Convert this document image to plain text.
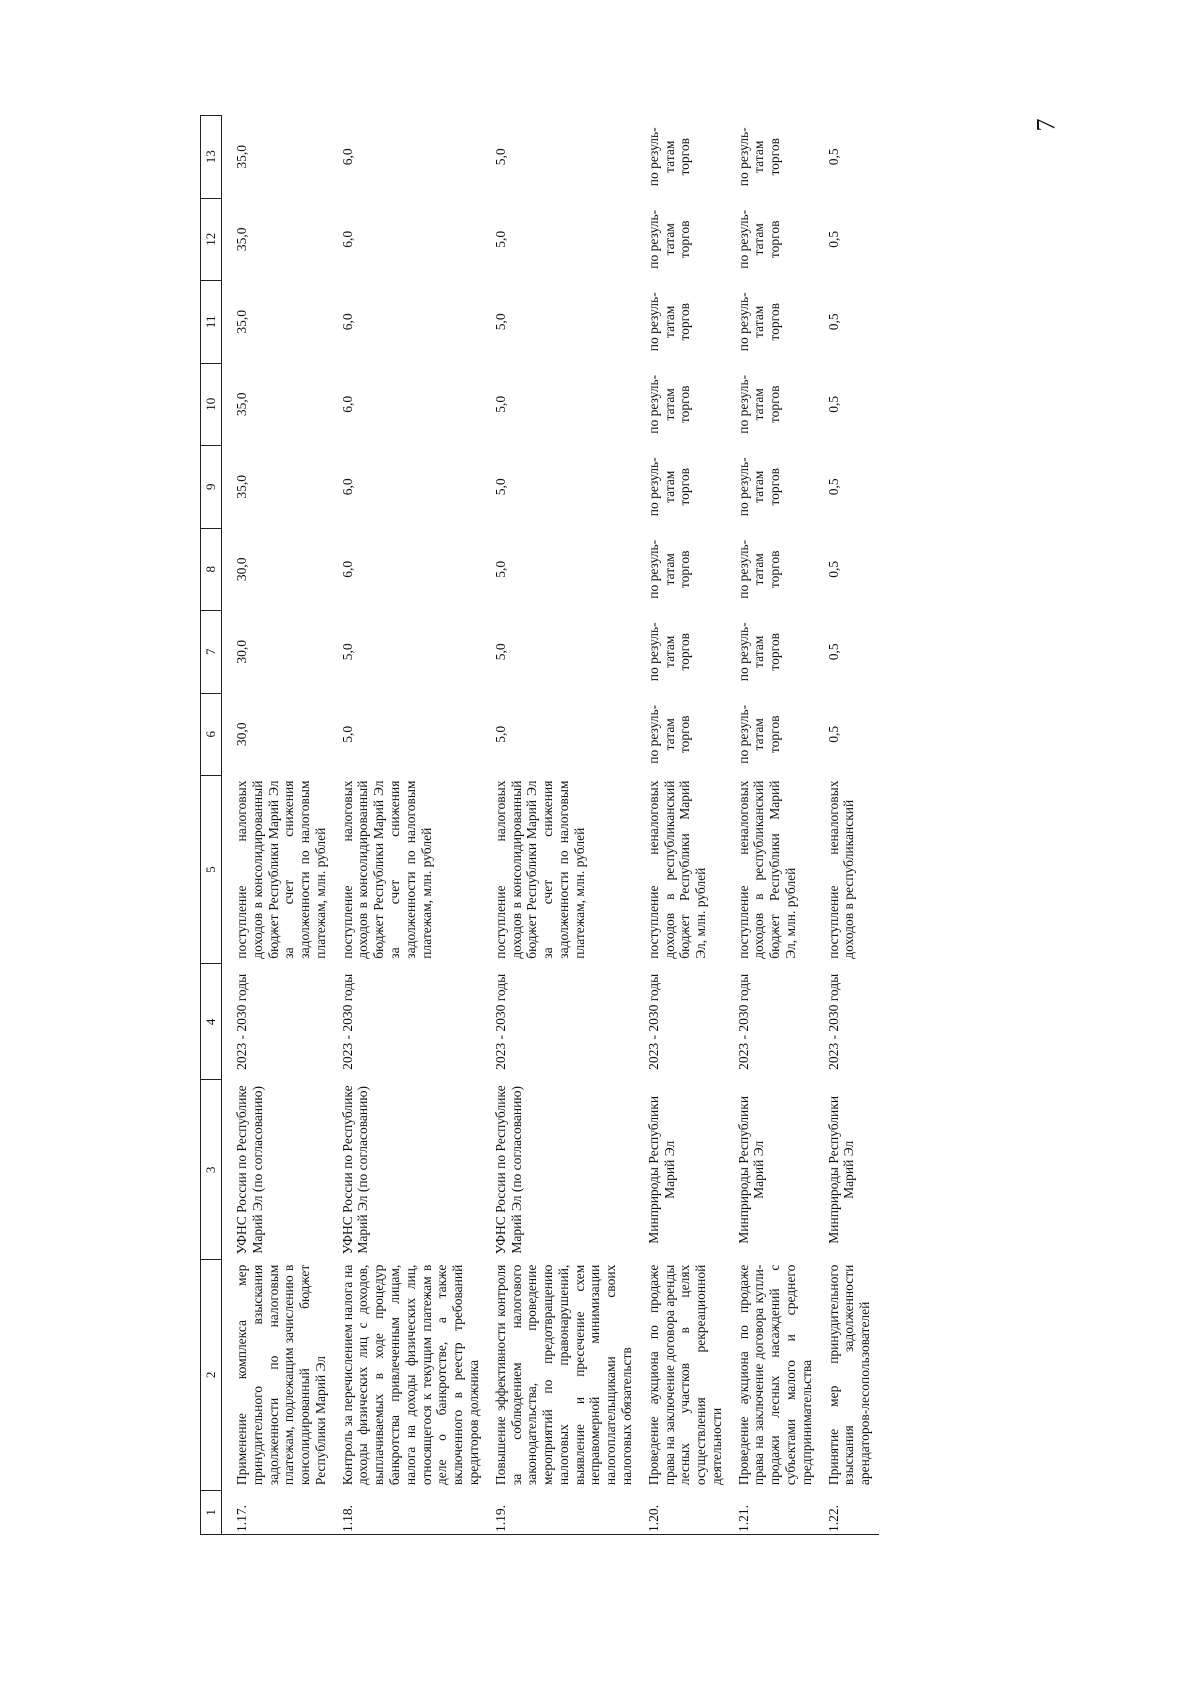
7
1	2	3	4	5	6	7	8	9	10	11	12	13
1.17.	Применение комплекса мер принудительного взыскания задолженности по налоговым платежам, подлежащим зачислению в консолидированный бюджет Республики Марий Эл	УФНС России по Республике Марий Эл (по согласованию)	2023 - 2030 годы	поступление налоговых доходов в консолидированный бюджет Республики Марий Эл за счет снижения задолженности по налоговым платежам, млн. рублей	30,0	30,0	30,0	35,0	35,0	35,0	35,0	35,0
1.18.	Контроль за перечислением налога на доходы физических лиц с доходов, выплачиваемых в ходе процедур банкротства привлеченным лицам, налога на доходы физических лиц, относящегося к текущим платежам в деле о банкротстве, а также включенного в реестр требований кредиторов должника	УФНС России по Республике Марий Эл (по согласованию)	2023 - 2030 годы	поступление налоговых доходов в консолидированный бюджет Республики Марий Эл за счет снижения задолженности по налоговым платежам, млн. рублей	5,0	5,0	6,0	6,0	6,0	6,0	6,0	6,0
1.19.	Повышение эффективности контроля за соблюдением налогового законодательства, проведение мероприятий по предотвращению налоговых правонарушений, выявление и пресечение схем неправомерной минимизации налогоплательщиками своих налоговых обязательств	УФНС России по Республике Марий Эл (по согласованию)	2023 - 2030 годы	поступление налоговых доходов в консолидированный бюджет Республики Марий Эл за счет снижения задолженности по налоговым платежам, млн. рублей	5,0	5,0	5,0	5,0	5,0	5,0	5,0	5,0
1.20.	Проведение аукциона по продаже права на заключение договора аренды лесных участков в целях осуществления рекреационной деятельности	Минприроды Республики Марий Эл	2023 - 2030 годы	поступление неналоговых доходов в республиканский бюджет Республики Марий Эл, млн. рублей	по резуль- татам торгов	по резуль- татам торгов	по резуль- татам торгов	по резуль- татам торгов	по резуль- татам торгов	по резуль- татам торгов	по резуль- татам торгов	по резуль- татам торгов
1.21.	Проведение аукциона по продаже права на заключение договора купли-продажи лесных насаждений с субъектами малого и среднего предпринимательства	Минприроды Республики Марий Эл	2023 - 2030 годы	поступление неналоговых доходов в республиканский бюджет Республики Марий Эл, млн. рублей	по резуль- татам торгов	по резуль- татам торгов	по резуль- татам торгов	по резуль- татам торгов	по резуль- татам торгов	по резуль- татам торгов	по резуль- татам торгов	по резуль- татам торгов
1.22.	Принятие мер принудительного взыскания задолженности арендаторов-лесопользователей	Минприроды Республики Марий Эл	2023 - 2030 годы	поступление неналоговых доходов в республиканский	0,5	0,5	0,5	0,5	0,5	0,5	0,5	0,5
